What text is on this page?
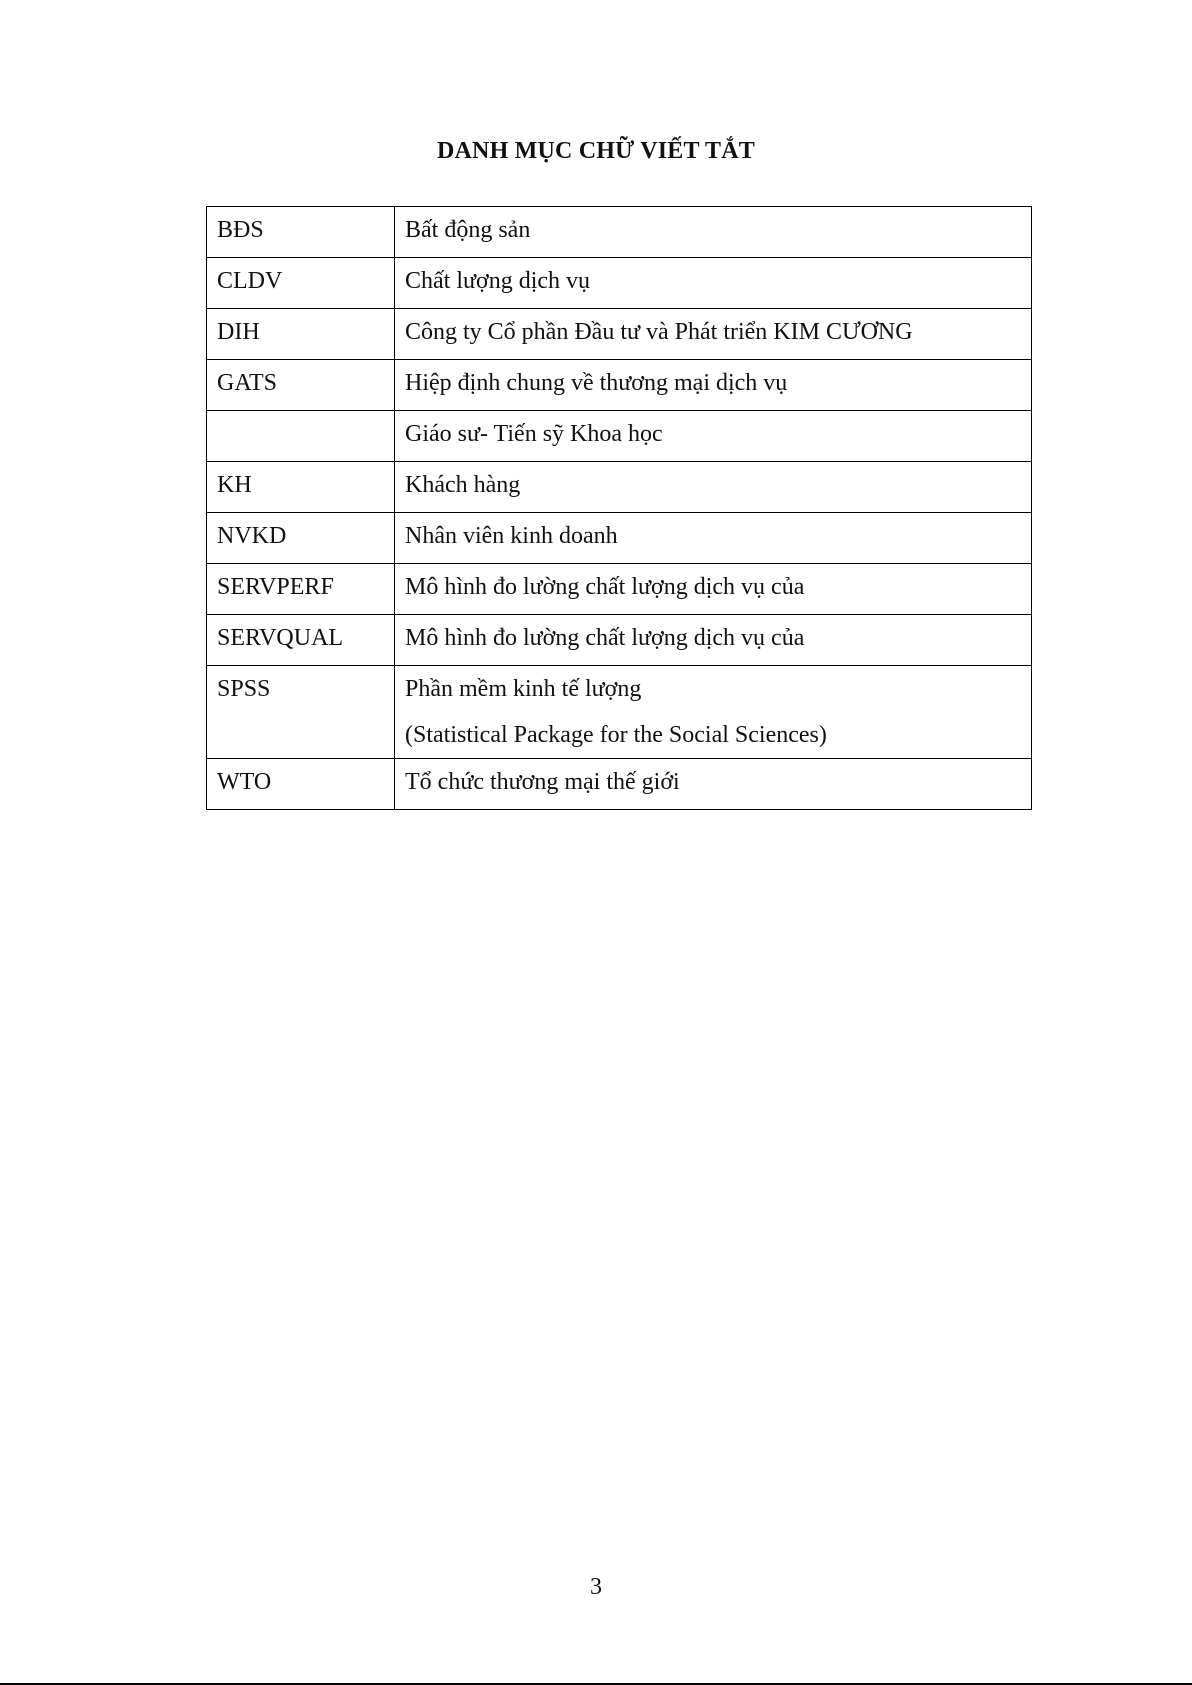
DANH MỤC CHỮ VIẾT TẮT
BĐS	Bất động sản

CLDV	Chất lượng dịch vụ

DIH	Công ty Cổ phần Đầu tư và Phát triển KIM CƯƠNG

GATS	Hiệp định chung về thương mại dịch vụ

	Giáo sư- Tiến sỹ Khoa học

KH	Khách hàng

NVKD	Nhân viên kinh doanh

SERVPERF	Mô hình đo lường chất lượng dịch vụ của

SERVQUAL	Mô hình đo lường chất lượng dịch vụ của

SPSS	Phần mềm kinh tế lượng
(Statistical Package for the Social Sciences)

WTO	Tổ chức thương mại thế giới
3
